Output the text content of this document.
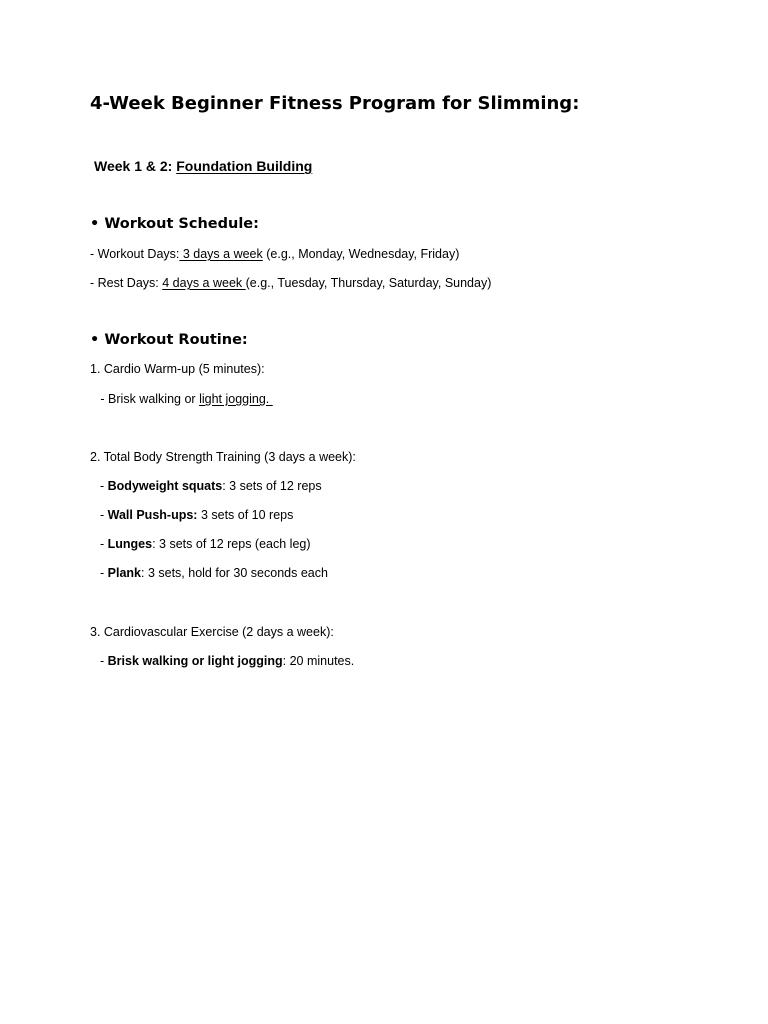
4-Week Beginner Fitness Program for Slimming:
Week 1 & 2: Foundation Building
• Workout Schedule:
- Workout Days: 3 days a week (e.g., Monday, Wednesday, Friday)
- Rest Days: 4 days a week (e.g., Tuesday, Thursday, Saturday, Sunday)
• Workout Routine:
1. Cardio Warm-up (5 minutes):
- Brisk walking or light jogging.
2. Total Body Strength Training (3 days a week):
- Bodyweight squats: 3 sets of 12 reps
- Wall Push-ups: 3 sets of 10 reps
- Lunges: 3 sets of 12 reps (each leg)
- Plank: 3 sets, hold for 30 seconds each
3. Cardiovascular Exercise (2 days a week):
- Brisk walking or light jogging: 20 minutes.
